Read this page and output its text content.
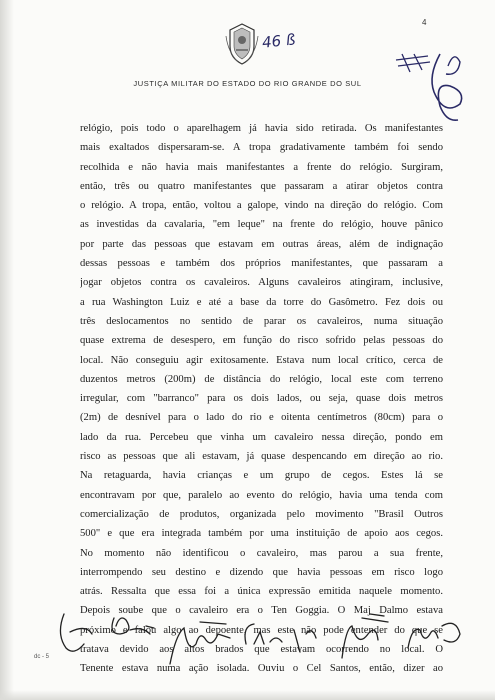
46 ß
4
JUSTIÇA MILITAR DO ESTADO DO RIO GRANDE DO SUL
relógio, pois todo o aparelhagem já havia sido retirada. Os manifestantes
mais exaltados dispersaram-se. A tropa gradativamente também foi sendo
recolhida e não havia mais manifestantes a frente do relógio. Surgiram,
então, três ou quatro manifestantes que passaram a atirar objetos contra
o relógio. A tropa, então, voltou a galope, vindo na direção do relógio. Com
as investidas da cavalaria, "em leque" na frente do relógio, houve pânico
por parte das pessoas que estavam em outras áreas, além de indignação
dessas pessoas e também dos próprios manifestantes, que passaram a
jogar objetos contra os cavaleiros. Alguns cavaleiros atingiram, inclusive,
a rua Washington Luiz e até a base da torre do Gasômetro. Fez dois ou
três deslocamentos no sentido de parar os cavaleiros, numa situação
quase extrema de desespero, em função do risco sofrido pelas pessoas do
local. Não conseguiu agir exitosamente. Estava num local crítico, cerca de
duzentos metros (200m) de distância do relógio, local este com terreno
irregular, com "barranco" para os dois lados, ou seja, quase dois metros
(2m) de desnível para o lado do rio e oitenta centímetros (80cm) para o
lado da rua. Percebeu que vinha um cavaleiro nessa direção, pondo em
risco as pessoas que ali estavam, já quase despencando em direção ao rio.
Na retaguarda, havia crianças e um grupo de cegos. Estes lá se
encontravam por que, paralelo ao evento do relógio, havia uma tenda com
comercialização de produtos, organizada pelo movimento "Brasil Outros
500" e que era integrada também por uma instituição de apoio aos cegos.
No momento não identificou o cavaleiro, mas parou a sua frente,
interrompendo seu destino e dizendo que havia pessoas em risco logo
atrás. Ressalta que essa foi a única expressão emitida naquele momento.
Depois soube que o cavaleiro era o Ten Goggia. O Maj Dalmo estava
próximo e falou algo ao depoente, mas este não pode entender do que se
tratava devido aos altos brados que estavam ocorrendo no local. O
Tenente estava numa ação isolada. Ouviu o Cel Santos, então, dizer ao
dc - 5
